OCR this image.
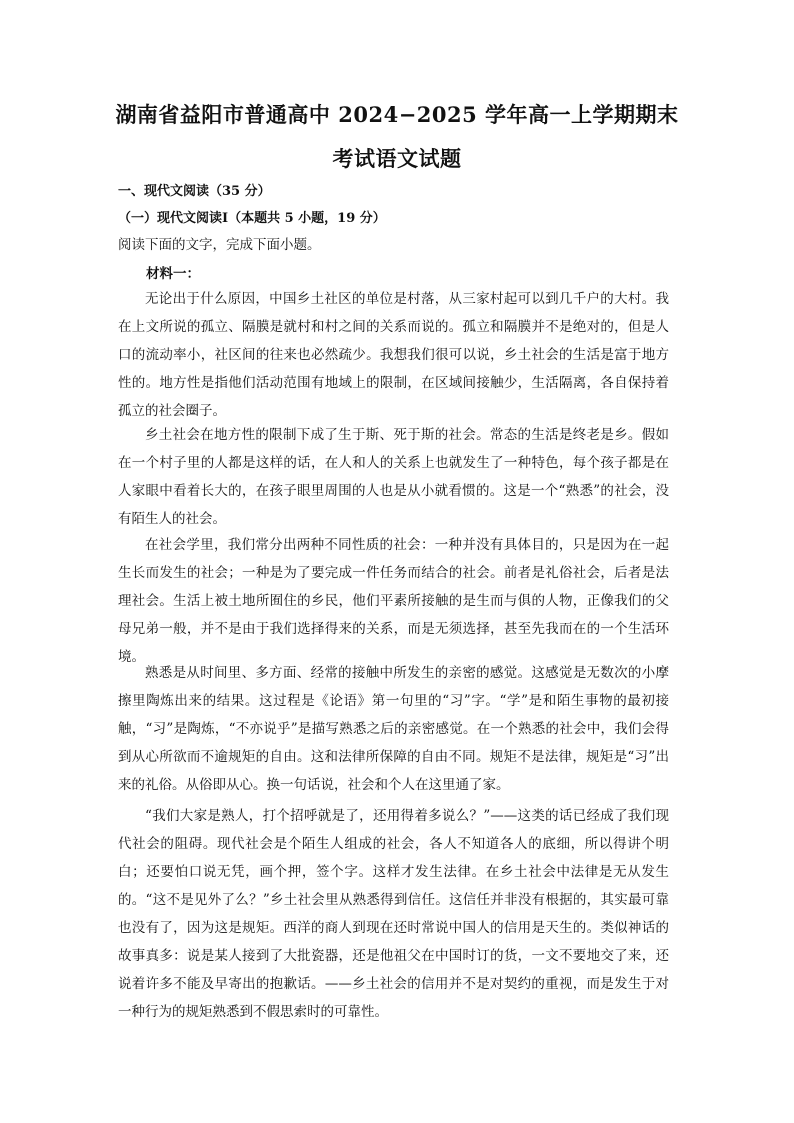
湖南省益阳市普通高中 2024−2025 学年高一上学期期末
考试语文试题
一、现代文阅读（35 分）
（一）现代文阅读Ⅰ（本题共 5 小题，19 分）
阅读下面的文字，完成下面小题。
材料一：

无论出于什么原因，中国乡土社区的单位是村落，从三家村起可以到几千户的大村。我在上文所说的孤立、隔膜是就村和村之间的关系而说的。孤立和隔膜并不是绝对的，但是人口的流动率小，社区间的往来也必然疏少。我想我们很可以说，乡土社会的生活是富于地方性的。地方性是指他们活动范围有地域上的限制，在区域间接触少，生活隔离，各自保持着孤立的社会圈子。

乡土社会在地方性的限制下成了生于斯、死于斯的社会。常态的生活是终老是乡。假如在一个村子里的人都是这样的话，在人和人的关系上也就发生了一种特色，每个孩子都是在人家眼中看着长大的，在孩子眼里周围的人也是从小就看惯的。这是一个“熟悉”的社会，没有陌生人的社会。

在社会学里，我们常分出两种不同性质的社会：一种并没有具体目的，只是因为在一起生长而发生的社会；一种是为了要完成一件任务而结合的社会。前者是礼俗社会，后者是法理社会。生活上被土地所囿住的乡民，他们平素所接触的是生而与俱的人物，正像我们的父母兄弟一般，并不是由于我们选择得来的关系，而是无须选择，甚至先我而在的一个生活环境。

熟悉是从时间里、多方面、经常的接触中所发生的亲密的感觉。这感觉是无数次的小摩擦里陶炼出来的结果。这过程是《论语》第一句里的“习”字。“学”是和陌生事物的最初接触，“习”是陶炼，“不亦说乎”是描写熟悉之后的亲密感觉。在一个熟悉的社会中，我们会得到从心所欲而不逾规矩的自由。这和法律所保障的自由不同。规矩不是法律，规矩是“习”出来的礼俗。从俗即从心。换一句话说，社会和个人在这里通了家。

“我们大家是熟人，打个招呼就是了，还用得着多说么？”——这类的话已经成了我们现代社会的阻碍。现代社会是个陌生人组成的社会，各人不知道各人的底细，所以得讲个明白；还要怕口说无凭，画个押，签个字。这样才发生法律。在乡土社会中法律是无从发生的。“这不是见外了么？”乡土社会里从熟悉得到信任。这信任并非没有根据的，其实最可靠也没有了，因为这是规矩。西洋的商人到现在还时常说中国人的信用是天生的。类似神话的故事真多：说是某人接到了大批瓷器，还是他祖父在中国时订的货，一文不要地交了来，还说着许多不能及早寄出的抱歉话。——乡土社会的信用并不是对契约的重视，而是发生于对一种行为的规矩熟悉到不假思索时的可靠性。
